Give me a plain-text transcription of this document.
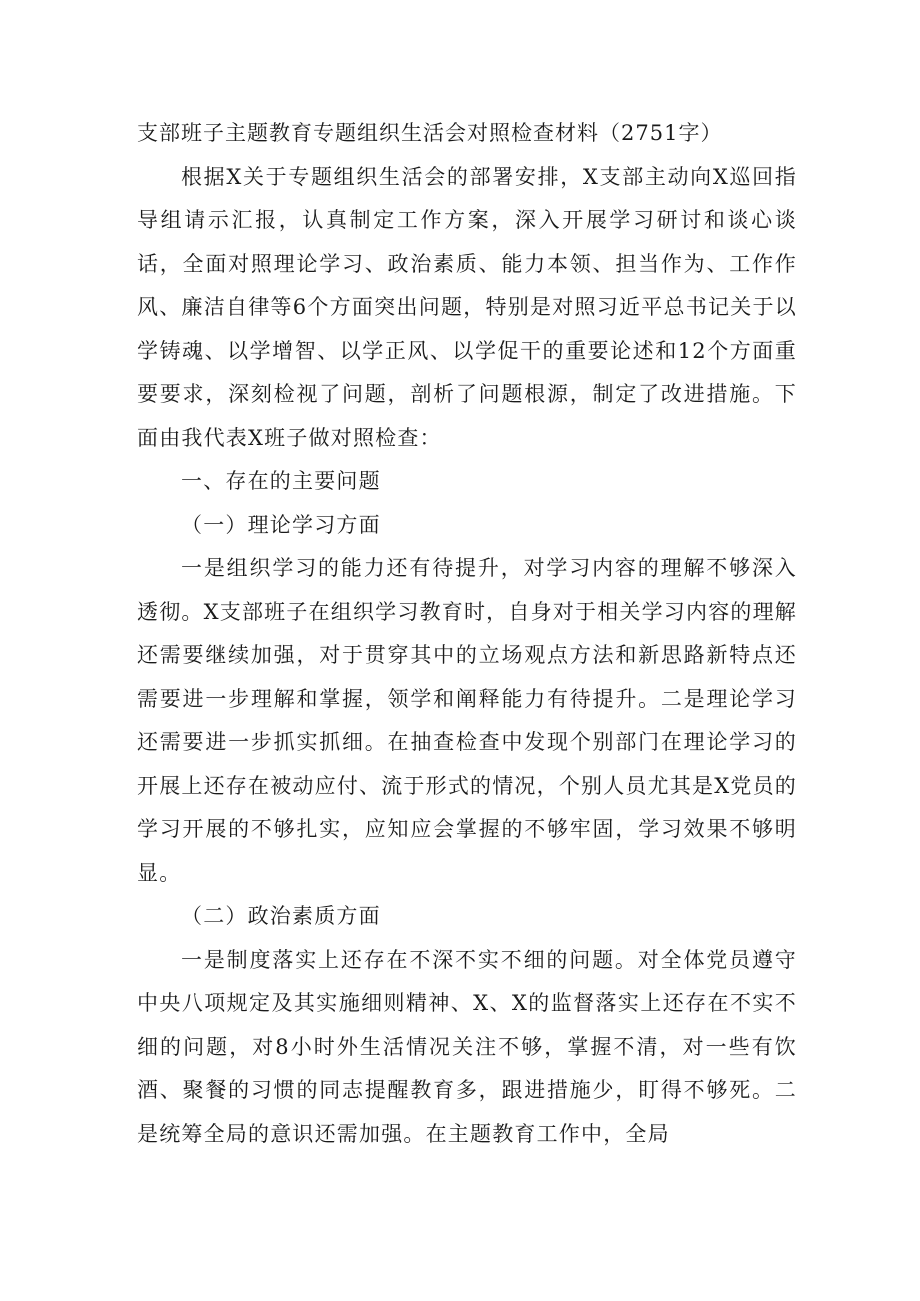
支部班子主题教育专题组织生活会对照检查材料（2751字）

根据X关于专题组织生活会的部署安排，X支部主动向X巡回指导组请示汇报，认真制定工作方案，深入开展学习研讨和谈心谈话，全面对照理论学习、政治素质、能力本领、担当作为、工作作风、廉洁自律等6个方面突出问题，特别是对照习近平总书记关于以学铸魂、以学增智、以学正风、以学促干的重要论述和12个方面重要要求，深刻检视了问题，剖析了问题根源，制定了改进措施。下面由我代表X班子做对照检查：

一、存在的主要问题

（一）理论学习方面

一是组织学习的能力还有待提升，对学习内容的理解不够深入透彻。X支部班子在组织学习教育时，自身对于相关学习内容的理解还需要继续加强，对于贯穿其中的立场观点方法和新思路新特点还需要进一步理解和掌握，领学和阐释能力有待提升。二是理论学习还需要进一步抓实抓细。在抽查检查中发现个别部门在理论学习的开展上还存在被动应付、流于形式的情况，个别人员尤其是X党员的学习开展的不够扎实，应知应会掌握的不够牢固，学习效果不够明显。

（二）政治素质方面

一是制度落实上还存在不深不实不细的问题。对全体党员遵守中央八项规定及其实施细则精神、X、X的监督落实上还存在不实不细的问题，对8小时外生活情况关注不够，掌握不清，对一些有饮酒、聚餐的习惯的同志提醒教育多，跟进措施少，盯得不够死。二是统筹全局的意识还需加强。在主题教育工作中，全局
